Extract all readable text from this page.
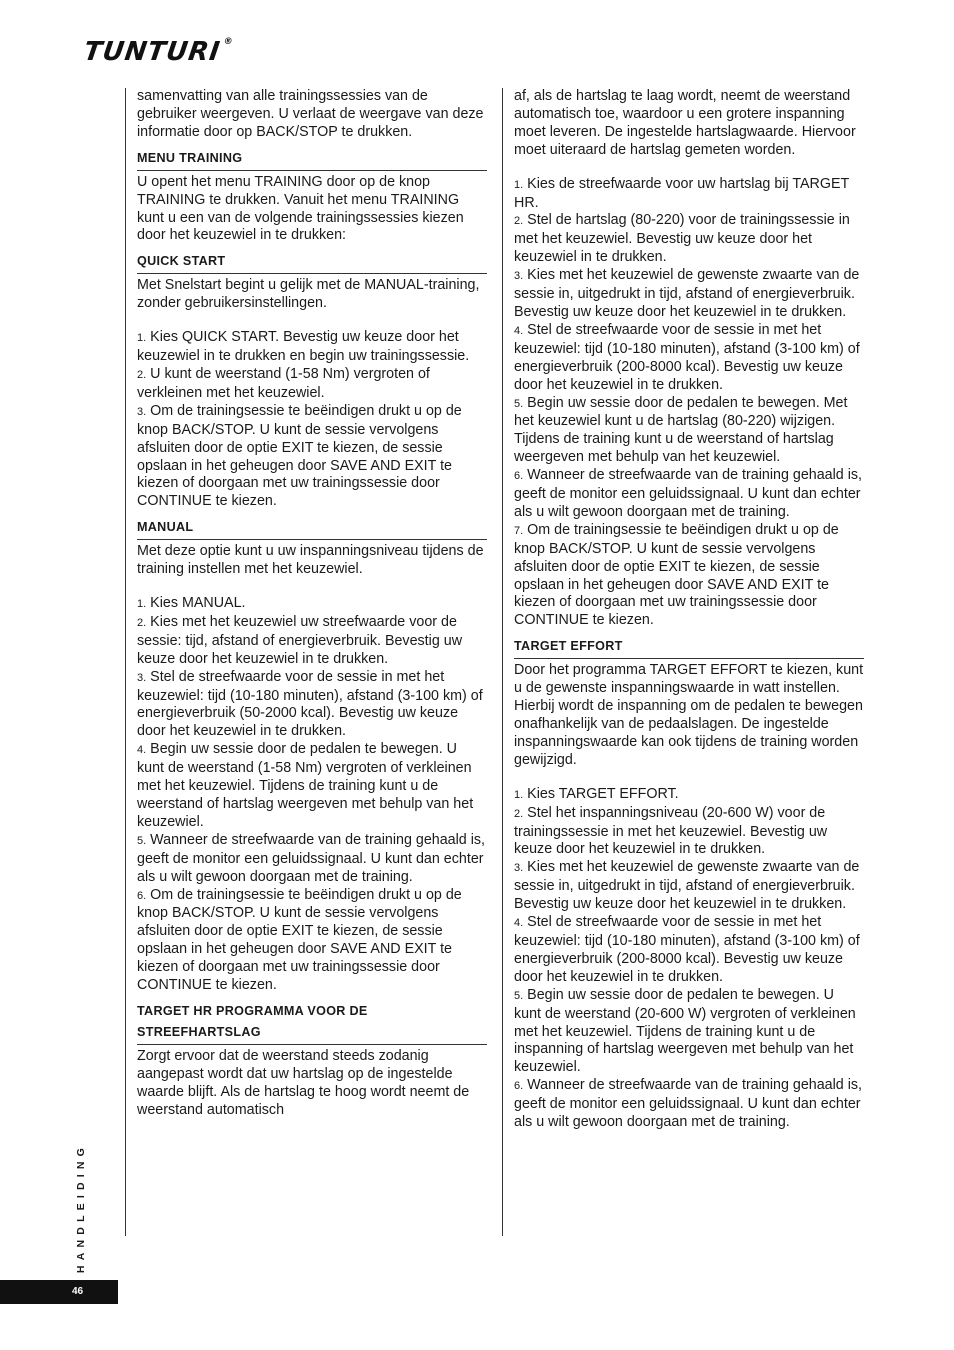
TUNTURI®

samenvatting van alle trainingssessies van de gebruiker weergeven. U verlaat de weergave van deze informatie door op BACK/STOP te drukken.

MENU TRAINING

U opent het menu TRAINING door op de knop TRAINING te drukken. Vanuit het menu TRAINING kunt u een van de volgende trainingssessies kiezen door het keuzewiel in te drukken:

QUICK START

Met Snelstart begint u gelijk met de MANUAL-training, zonder gebruikersinstellingen.

1. Kies QUICK START. Bevestig uw keuze door het keuzewiel in te drukken en begin uw trainingssessie.

2. U kunt de weerstand (1-58 Nm) vergroten of verkleinen met het keuzewiel.

3. Om de trainingsessie te beëindigen drukt u op de knop BACK/STOP. U kunt de sessie vervolgens afsluiten door de optie EXIT te kiezen, de sessie opslaan in het geheugen door SAVE AND EXIT te kiezen of doorgaan met uw trainingssessie door CONTINUE te kiezen.

MANUAL

Met deze optie kunt u uw inspanningsniveau tijdens de training instellen met het keuzewiel.

1. Kies MANUAL.

2. Kies met het keuzewiel uw streefwaarde voor de sessie: tijd, afstand of energieverbruik. Bevestig uw keuze door het keuzewiel in te drukken.

3. Stel de streefwaarde voor de sessie in met het keuzewiel: tijd (10-180 minuten), afstand (3-100 km) of energieverbruik (50-2000 kcal). Bevestig uw keuze door het keuzewiel in te drukken.

4. Begin uw sessie door de pedalen te bewegen. U kunt de weerstand (1-58 Nm) vergroten of verkleinen met het keuzewiel. Tijdens de training kunt u de weerstand of hartslag weergeven met behulp van het keuzewiel.

5. Wanneer de streefwaarde van de training gehaald is, geeft de monitor een geluidssignaal. U kunt dan echter als u wilt gewoon doorgaan met de training.

6. Om de trainingsessie te beëindigen drukt u op de knop BACK/STOP. U kunt de sessie vervolgens afsluiten door de optie EXIT te kiezen, de sessie opslaan in het geheugen door SAVE AND EXIT te kiezen of doorgaan met uw trainingssessie door CONTINUE te kiezen.

TARGET HR PROGRAMMA VOOR DE STREEFHARTSLAG

Zorgt ervoor dat de weerstand steeds zodanig aangepast wordt dat uw hartslag op de ingestelde waarde blijft. Als de hartslag te hoog wordt neemt de weerstand automatisch

af, als de hartslag te laag wordt, neemt de weerstand automatisch toe, waardoor u een grotere inspanning moet leveren. De ingestelde hartslagwaarde. Hiervoor moet uiteraard de hartslag gemeten worden.

1. Kies de streefwaarde voor uw hartslag bij TARGET HR.

2. Stel de hartslag (80-220) voor de trainingssessie in met het keuzewiel. Bevestig uw keuze door het keuzewiel in te drukken.

3. Kies met het keuzewiel de gewenste zwaarte van de sessie in, uitgedrukt in tijd, afstand of energieverbruik. Bevestig uw keuze door het keuzewiel in te drukken.

4. Stel de streefwaarde voor de sessie in met het keuzewiel: tijd (10-180 minuten), afstand (3-100 km) of energieverbruik (200-8000 kcal). Bevestig uw keuze door het keuzewiel in te drukken.

5. Begin uw sessie door de pedalen te bewegen. Met het keuzewiel kunt u de hartslag (80-220) wijzigen. Tijdens de training kunt u de weerstand of hartslag weergeven met behulp van het keuzewiel.

6. Wanneer de streefwaarde van de training gehaald is, geeft de monitor een geluidssignaal. U kunt dan echter als u wilt gewoon doorgaan met de training.

7. Om de trainingsessie te beëindigen drukt u op de knop BACK/STOP. U kunt de sessie vervolgens afsluiten door de optie EXIT te kiezen, de sessie opslaan in het geheugen door SAVE AND EXIT te kiezen of doorgaan met uw trainingssessie door CONTINUE te kiezen.

TARGET EFFORT

Door het programma TARGET EFFORT te kiezen, kunt u de gewenste inspanningswaarde in watt instellen. Hierbij wordt de inspanning om de pedalen te bewegen onafhankelijk van de pedaalslagen. De ingestelde inspanningswaarde kan ook tijdens de training worden gewijzigd.

1. Kies TARGET EFFORT.

2. Stel het inspanningsniveau (20-600 W) voor de trainingssessie in met het keuzewiel. Bevestig uw keuze door het keuzewiel in te drukken.

3. Kies met het keuzewiel de gewenste zwaarte van de sessie in, uitgedrukt in tijd, afstand of energieverbruik. Bevestig uw keuze door het keuzewiel in te drukken.

4. Stel de streefwaarde voor de sessie in met het keuzewiel: tijd (10-180 minuten), afstand (3-100 km) of energieverbruik (200-8000 kcal). Bevestig uw keuze door het keuzewiel in te drukken.

5. Begin uw sessie door de pedalen te bewegen. U kunt de weerstand (20-600 W) vergroten of verkleinen met het keuzewiel. Tijdens de training kunt u de inspanning of hartslag weergeven met behulp van het keuzewiel.

6. Wanneer de streefwaarde van de training gehaald is, geeft de monitor een geluidssignaal. U kunt dan echter als u wilt gewoon doorgaan met de training.

HANDLEIDING
46
